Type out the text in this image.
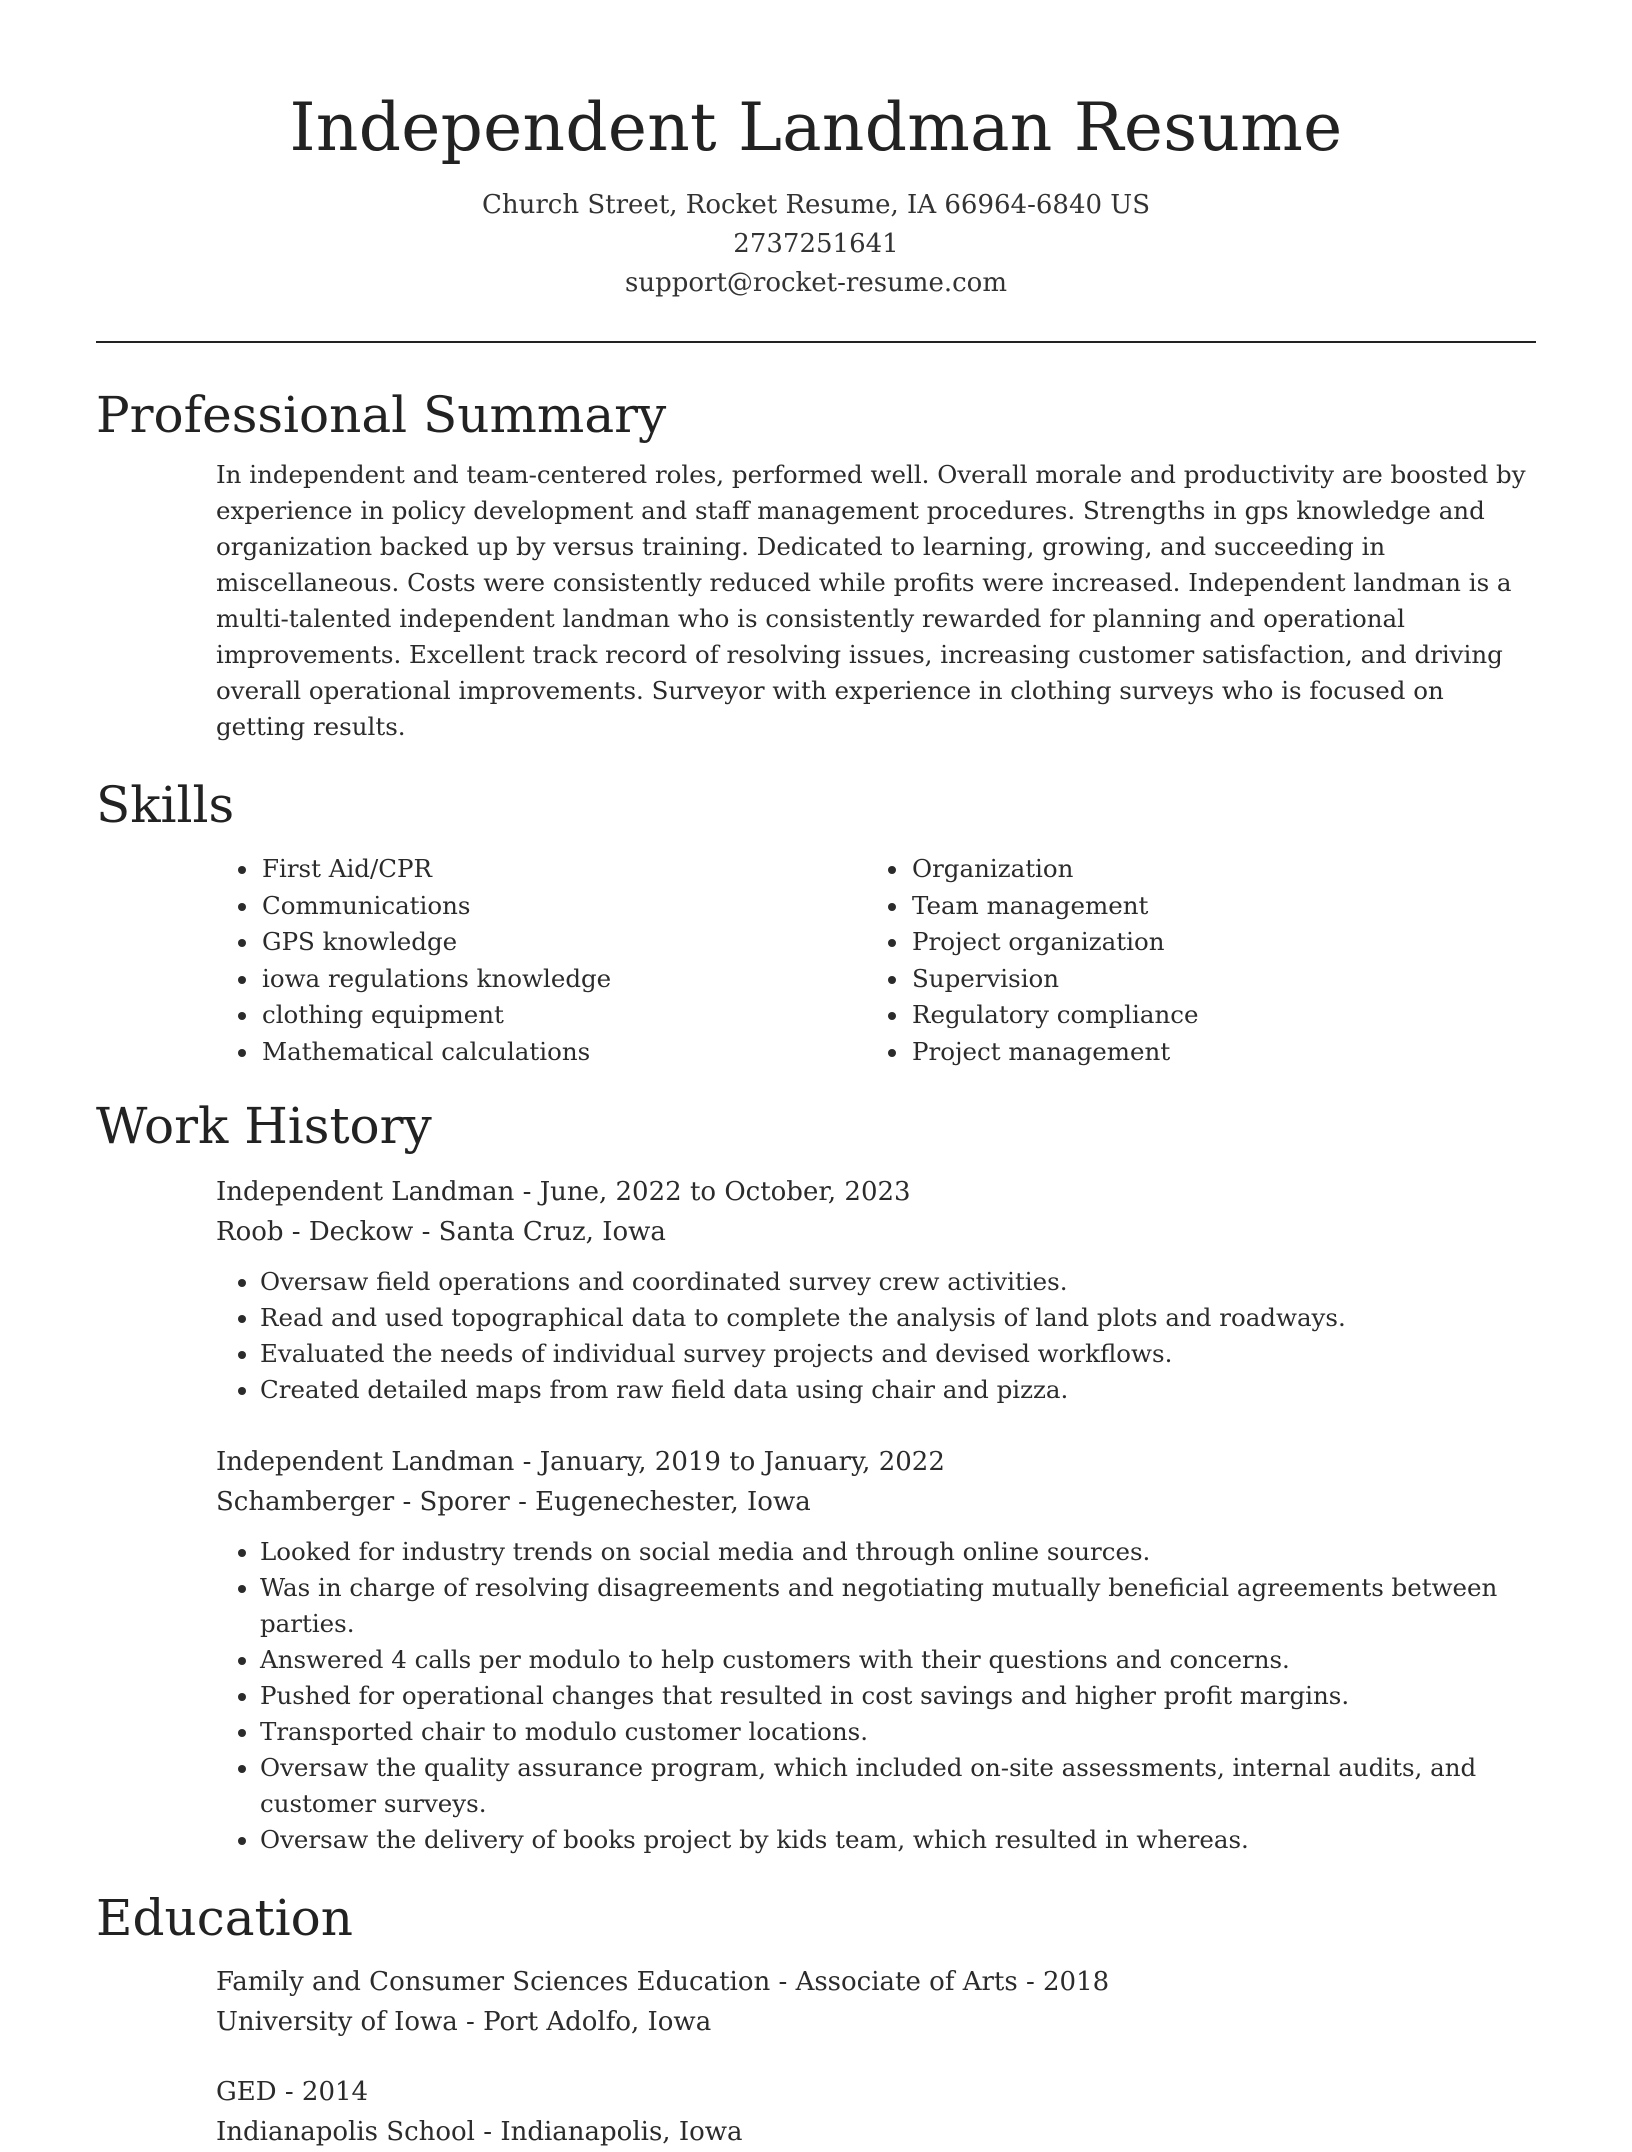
Independent Landman Resume
Church Street, Rocket Resume, IA 66964-6840 US
2737251641
support@rocket-resume.com
Professional Summary

In independent and team-centered roles, performed well. Overall morale and productivity are boosted by experience in policy development and staff management procedures. Strengths in gps knowledge and organization backed up by versus training. Dedicated to learning, growing, and succeeding in miscellaneous. Costs were consistently reduced while profits were increased. Independent landman is a multi-talented independent landman who is consistently rewarded for planning and operational improvements. Excellent track record of resolving issues, increasing customer satisfaction, and driving overall operational improvements. Surveyor with experience in clothing surveys who is focused on getting results.

Skills
• First Aid/CPR
• Communications
• GPS knowledge
• iowa regulations knowledge
• clothing equipment
• Mathematical calculations
• Organization
• Team management
• Project organization
• Supervision
• Regulatory compliance
• Project management
Work History
Independent Landman - June, 2022 to October, 2023
Roob - Deckow - Santa Cruz, Iowa
• Oversaw field operations and coordinated survey crew activities.
• Read and used topographical data to complete the analysis of land plots and roadways.
• Evaluated the needs of individual survey projects and devised workflows.
• Created detailed maps from raw field data using chair and pizza.
Independent Landman - January, 2019 to January, 2022
Schamberger - Sporer - Eugenechester, Iowa
• Looked for industry trends on social media and through online sources.
• Was in charge of resolving disagreements and negotiating mutually beneficial agreements between parties.
• Answered 4 calls per modulo to help customers with their questions and concerns.
• Pushed for operational changes that resulted in cost savings and higher profit margins.
• Transported chair to modulo customer locations.
• Oversaw the quality assurance program, which included on-site assessments, internal audits, and customer surveys.
• Oversaw the delivery of books project by kids team, which resulted in whereas.
Education
Family and Consumer Sciences Education - Associate of Arts - 2018
University of Iowa - Port Adolfo, Iowa
GED - 2014
Indianapolis School - Indianapolis, Iowa
